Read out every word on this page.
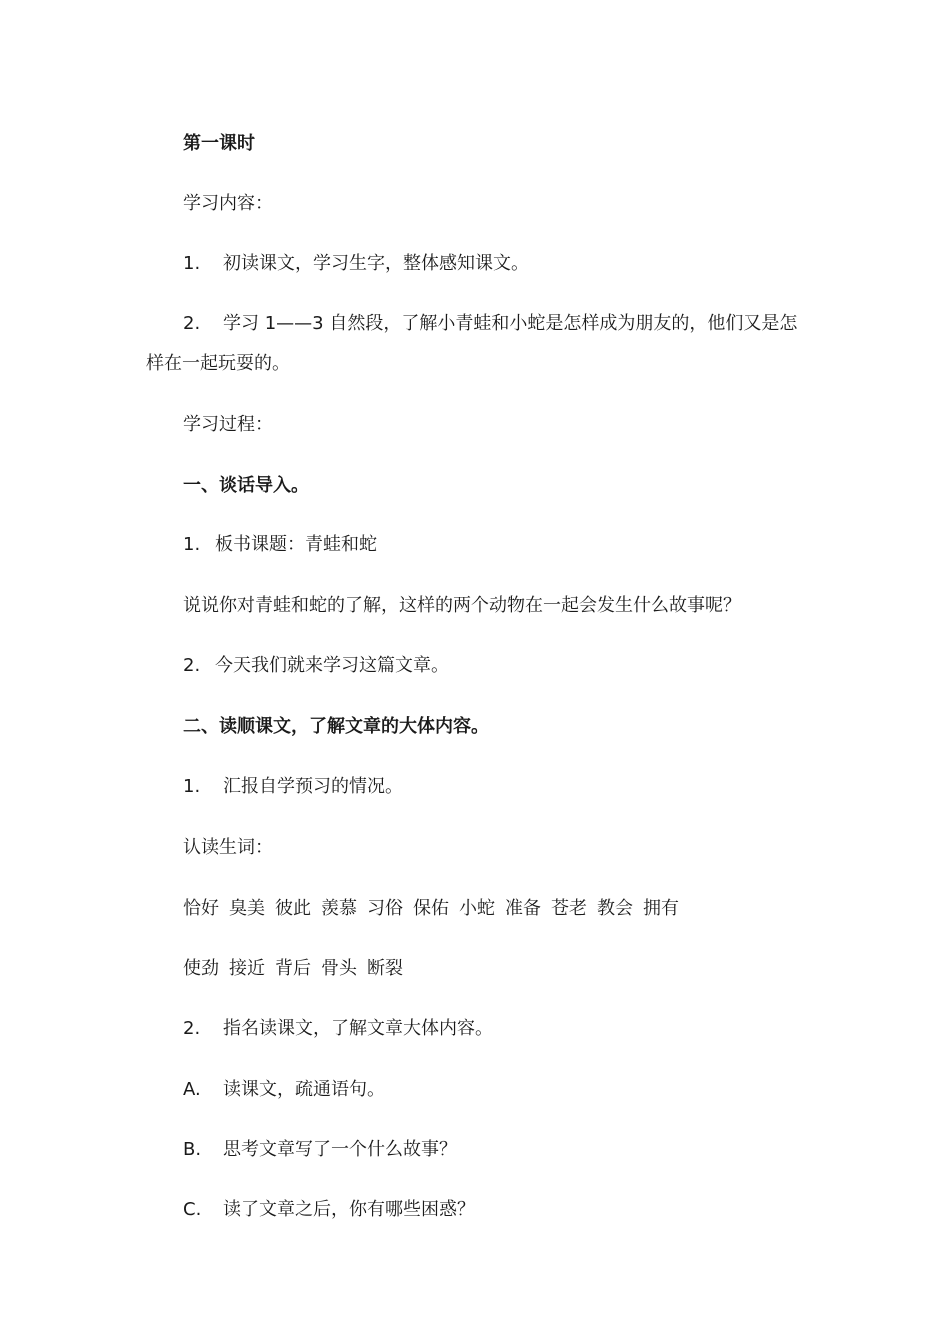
第一课时
学习内容：
1. 初读课文，学习生字，整体感知课文。
2. 学习 1——3 自然段，了解小青蛙和小蛇是怎样成为朋友的，他们又是怎样在一起玩耍的。
学习过程：
一、谈话导入。
1. 板书课题：青蛙和蛇
说说你对青蛙和蛇的了解，这样的两个动物在一起会发生什么故事呢？
2. 今天我们就来学习这篇文章。
二、读顺课文，了解文章的大体内容。
1. 汇报自学预习的情况。
认读生词：
恰好 臭美 彼此 羡慕 习俗 保佑 小蛇 准备 苍老 教会 拥有
使劲 接近 背后 骨头 断裂
2. 指名读课文，了解文章大体内容。
A. 读课文，疏通语句。
B. 思考文章写了一个什么故事？
C. 读了文章之后，你有哪些困惑？
